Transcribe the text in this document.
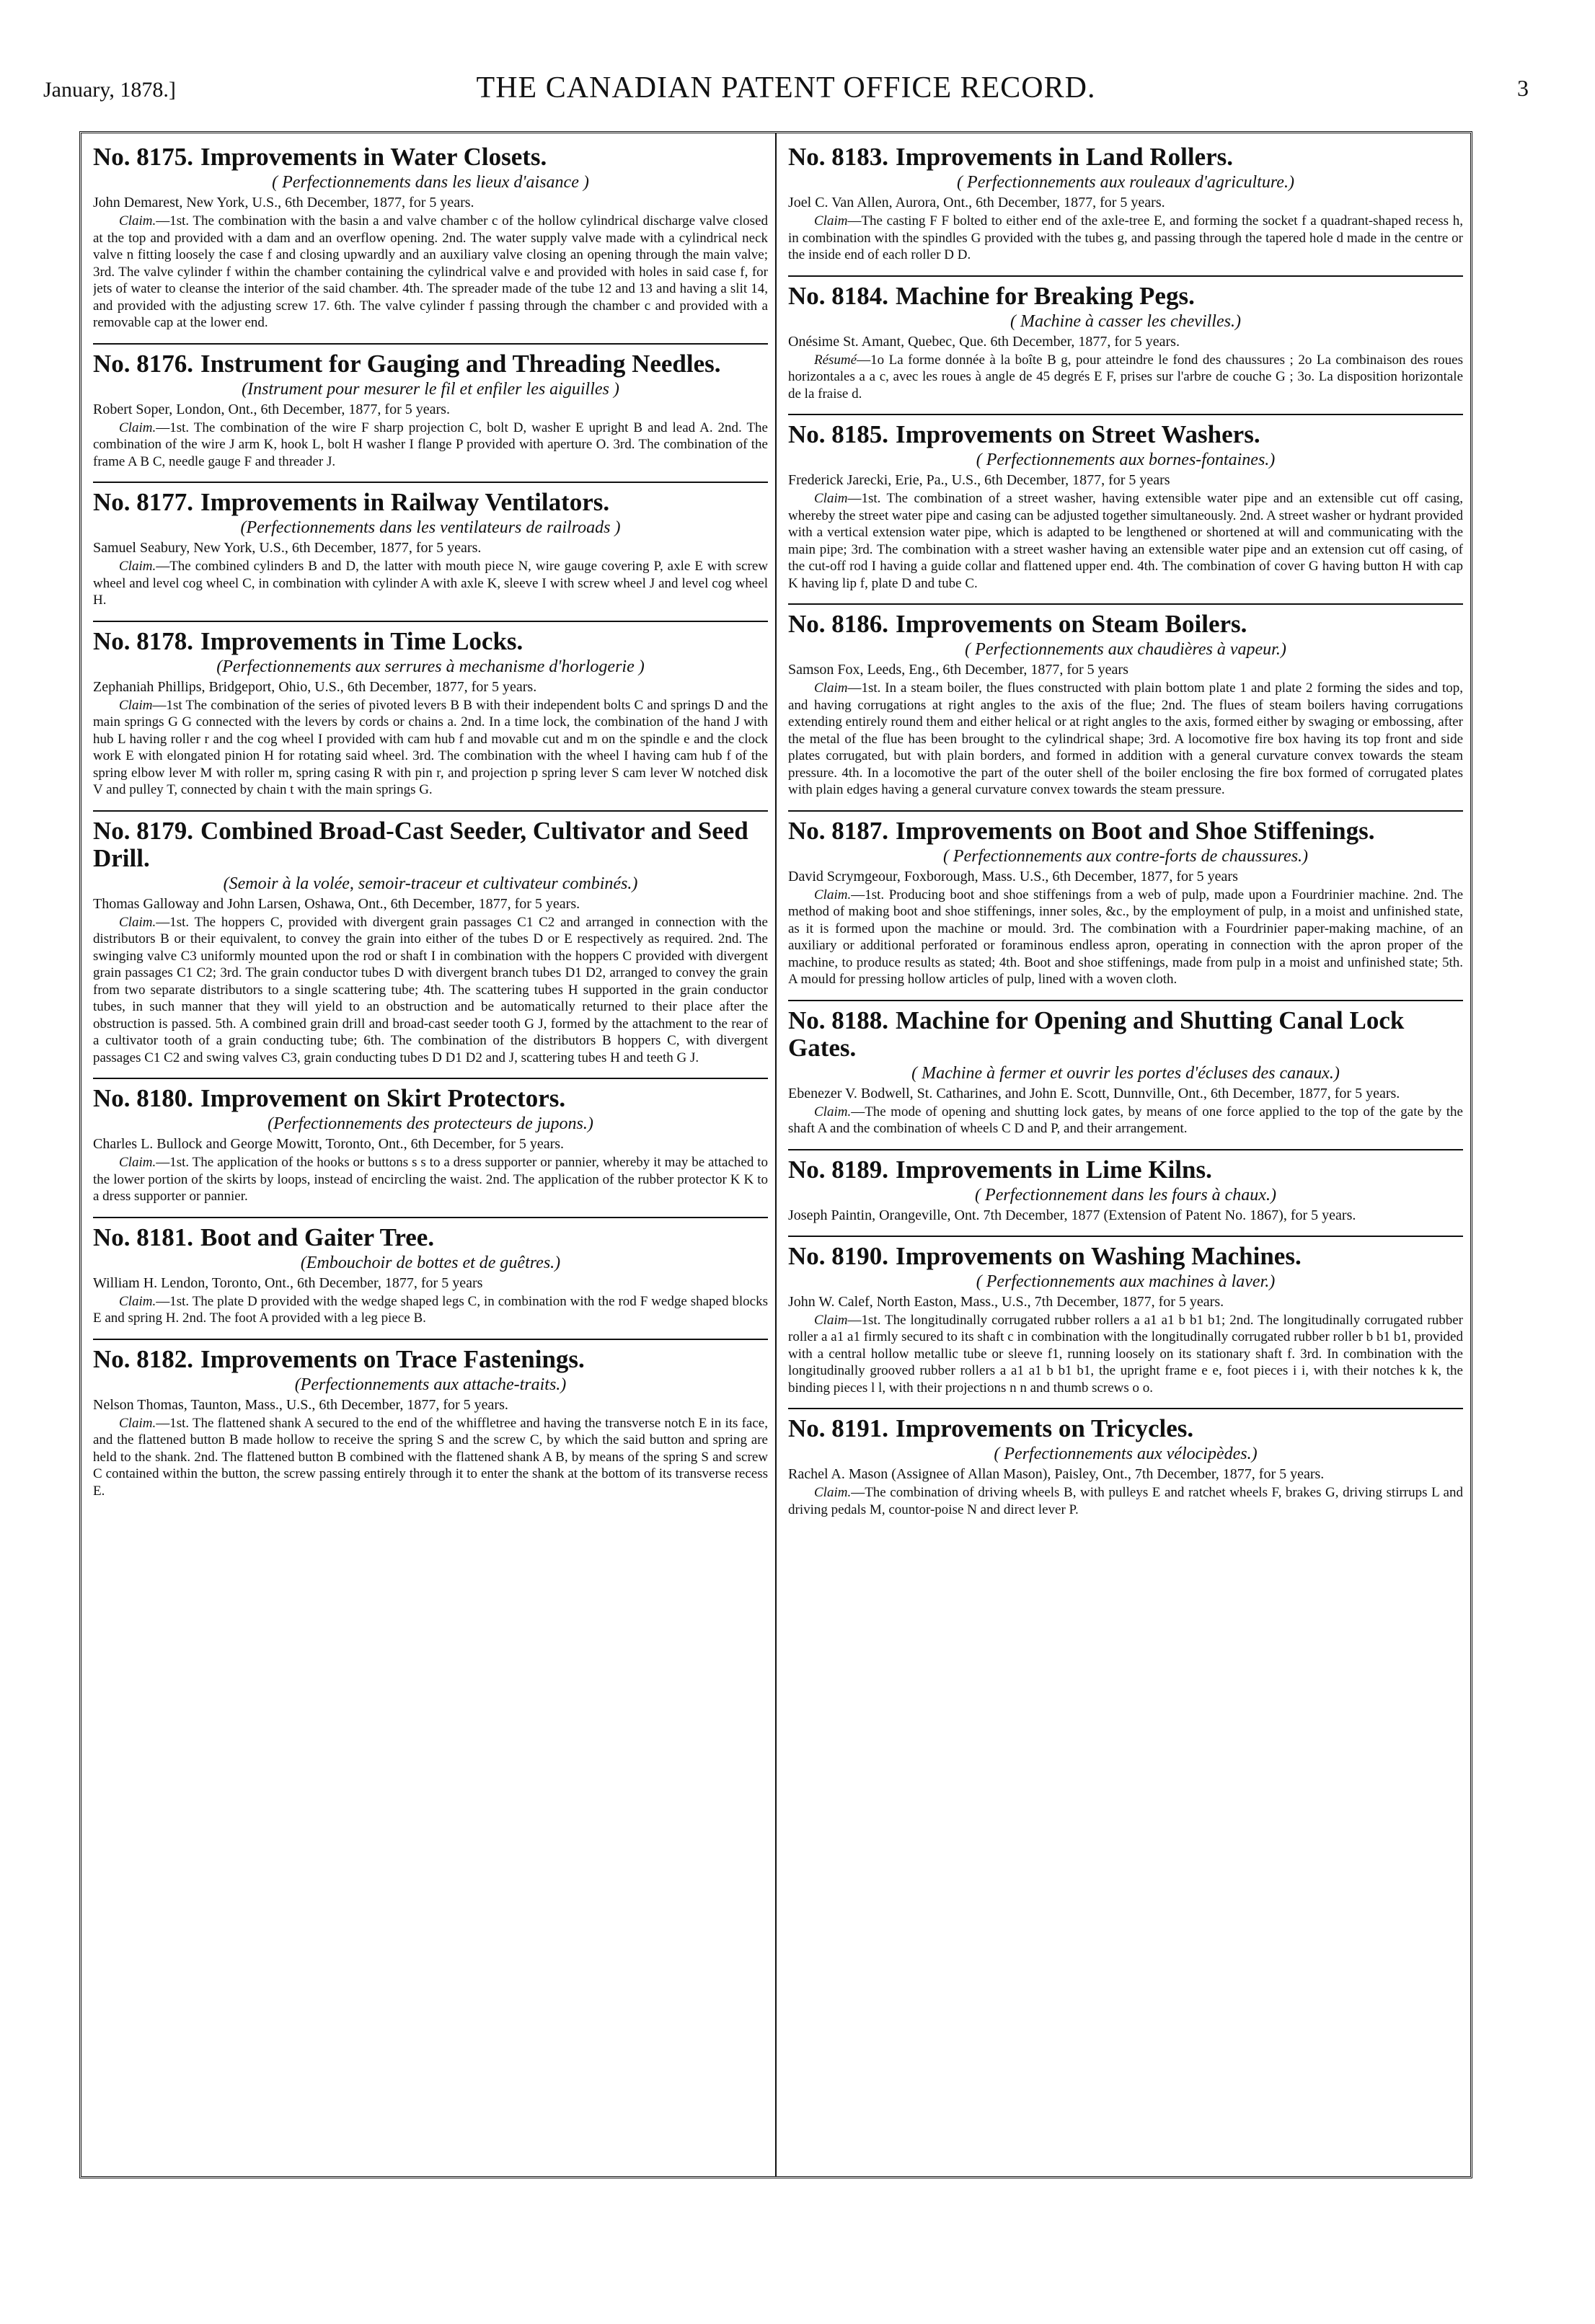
January, 1878.]	THE CANADIAN PATENT OFFICE RECORD.	3
No. 8175. Improvements in Water Closets.
( Perfectionnements dans les lieux d'aisance )
John Demarest, New York, U.S., 6th December, 1877, for 5 years.
Claim.—1st. The combination with the basin a and valve chamber c of the hollow cylindrical discharge valve closed at the top and provided with a dam and an overflow opening. 2nd. The water supply valve made with a cylindrical neck valve n fitting loosely the case f and closing upwardly and an auxiliary valve closing an opening through the main valve; 3rd. The valve cylinder f within the chamber containing the cylindrical valve e and provided with holes in said case f, for jets of water to cleanse the interior of the said chamber. 4th. The spreader made of the tube 12 and 13 and having a slit 14, and provided with the adjusting screw 17. 6th. The valve cylinder f passing through the chamber c and provided with a removable cap at the lower end.
No. 8176. Instrument for Gauging and Threading Needles.
(Instrument pour mesurer le fil et enfiler les aiguilles )
Robert Soper, London, Ont., 6th December, 1877, for 5 years.
Claim.—1st. The combination of the wire F sharp projection C, bolt D, washer E upright B and lead A. 2nd. The combination of the wire J arm K, hook L, bolt H washer I flange P provided with aperture O. 3rd. The combination of the frame A B C, needle gauge F and threader J.
No. 8177. Improvements in Railway Ventilators.
(Perfectionnements dans les ventilateurs de railroads )
Samuel Seabury, New York, U.S., 6th December, 1877, for 5 years.
Claim.—The combined cylinders B and D, the latter with mouth piece N, wire gauge covering P, axle E with screw wheel and level cog wheel C, in combination with cylinder A with axle K, sleeve I with screw wheel J and level cog wheel H.
No. 8178. Improvements in Time Locks.
(Perfectionnements aux serrures à mechanisme d'horlogerie )
Zephaniah Phillips, Bridgeport, Ohio, U.S., 6th December, 1877, for 5 years.
Claim—1st The combination of the series of pivoted levers B B with their independent bolts C and springs D and the main springs G G connected with the levers by cords or chains a. 2nd. In a time lock, the combination of the hand J with hub L having roller r and the cog wheel I provided with cam hub f and movable cut and m on the spindle e and the clock work E with elongated pinion H for rotating said wheel. 3rd. The combination with the wheel I having cam hub f of the spring elbow lever M with roller m, spring casing R with pin r, and projection p spring lever S cam lever W notched disk V and pulley T, connected by chain t with the main springs G.
No. 8179. Combined Broad-Cast Seeder, Cultivator and Seed Drill.
(Semoir à la volée, semoir-traceur et cultivateur combinés.)
Thomas Galloway and John Larsen, Oshawa, Ont., 6th December, 1877, for 5 years.
Claim.—1st. The hoppers C, provided with divergent grain passages C1 C2 and arranged in connection with the distributors B or their equivalent, to convey the grain into either of the tubes D or E respectively as required. 2nd. The swinging valve C3 uniformly mounted upon the rod or shaft I in combination with the hoppers C provided with divergent grain passages C1 C2; 3rd. The grain conductor tubes D with divergent branch tubes D1 D2, arranged to convey the grain from two separate distributors to a single scattering tube; 4th. The scattering tubes H supported in the grain conductor tubes, in such manner that they will yield to an obstruction and be automatically returned to their place after the obstruction is passed. 5th. A combined grain drill and broad-cast seeder tooth G J, formed by the attachment to the rear of a cultivator tooth of a grain conducting tube; 6th. The combination of the distributors B hoppers C, with divergent passages C1 C2 and swing valves C3, grain conducting tubes D D1 D2 and J, scattering tubes H and teeth G J.
No. 8180. Improvement on Skirt Protectors.
(Perfectionnements des protecteurs de jupons.)
Charles L. Bullock and George Mowitt, Toronto, Ont., 6th December, for 5 years.
Claim.—1st. The application of the hooks or buttons s s to a dress supporter or pannier, whereby it may be attached to the lower portion of the skirts by loops, instead of encircling the waist. 2nd. The application of the rubber protector K K to a dress supporter or pannier.
No. 8181. Boot and Gaiter Tree.
(Embouchoir de bottes et de guêtres.)
William H. Lendon, Toronto, Ont., 6th December, 1877, for 5 years
Claim.—1st. The plate D provided with the wedge shaped legs C, in combination with the rod F wedge shaped blocks E and spring H. 2nd. The foot A provided with a leg piece B.
No. 8182. Improvements on Trace Fastenings.
(Perfectionnements aux attache-traits.)
Nelson Thomas, Taunton, Mass., U.S., 6th December, 1877, for 5 years.
Claim.—1st. The flattened shank A secured to the end of the whiffletree and having the transverse notch E in its face, and the flattened button B made hollow to receive the spring S and the screw C, by which the said button and spring are held to the shank. 2nd. The flattened button B combined with the flattened shank A B, by means of the spring S and screw C contained within the button, the screw passing entirely through it to enter the shank at the bottom of its transverse recess E.
No. 8183. Improvements in Land Rollers.
( Perfectionnements aux rouleaux d'agriculture.)
Joel C. Van Allen, Aurora, Ont., 6th December, 1877, for 5 years.
Claim—The casting F F bolted to either end of the axle-tree E, and forming the socket f a quadrant-shaped recess h, in combination with the spindles G provided with the tubes g, and passing through the tapered hole d made in the centre or the inside end of each roller D D.
No. 8184. Machine for Breaking Pegs.
( Machine à casser les chevilles.)
Onésime St. Amant, Quebec, Que. 6th December, 1877, for 5 years.
Résumé—1o La forme donnée à la boîte B g, pour atteindre le fond des chaussures ; 2o La combinaison des roues horizontales a a c, avec les roues à angle de 45 degrés E F, prises sur l'arbre de couche G ; 3o. La disposition horizontale de la fraise d.
No. 8185. Improvements on Street Washers.
( Perfectionnements aux bornes-fontaines.)
Frederick Jarecki, Erie, Pa., U.S., 6th December, 1877, for 5 years
Claim—1st. The combination of a street washer, having extensible water pipe and an extensible cut off casing, whereby the street water pipe and casing can be adjusted together simultaneously. 2nd. A street washer or hydrant provided with a vertical extension water pipe, which is adapted to be lengthened or shortened at will and communicating with the main pipe; 3rd. The combination with a street washer having an extensible water pipe and an extension cut off casing, of the cut-off rod I having a guide collar and flattened upper end. 4th. The combination of cover G having button H with cap K having lip f, plate D and tube C.
No. 8186. Improvements on Steam Boilers.
( Perfectionnements aux chaudières à vapeur.)
Samson Fox, Leeds, Eng., 6th December, 1877, for 5 years
Claim—1st. In a steam boiler, the flues constructed with plain bottom plate 1 and plate 2 forming the sides and top, and having corrugations at right angles to the axis of the flue; 2nd. The flues of steam boilers having corrugations extending entirely round them and either helical or at right angles to the axis, formed either by swaging or embossing, after the metal of the flue has been brought to the cylindrical shape; 3rd. A locomotive fire box having its top front and side plates corrugated, but with plain borders, and formed in addition with a general curvature convex towards the steam pressure. 4th. In a locomotive the part of the outer shell of the boiler enclosing the fire box formed of corrugated plates with plain edges having a general curvature convex towards the steam pressure.
No. 8187. Improvements on Boot and Shoe Stiffenings.
( Perfectionnements aux contre-forts de chaussures.)
David Scrymgeour, Foxborough, Mass. U.S., 6th December, 1877, for 5 years
Claim.—1st. Producing boot and shoe stiffenings from a web of pulp, made upon a Fourdrinier machine. 2nd. The method of making boot and shoe stiffenings, inner soles, &c., by the employment of pulp, in a moist and unfinished state, as it is formed upon the machine or mould. 3rd. The combination with a Fourdrinier paper-making machine, of an auxiliary or additional perforated or foraminous endless apron, operating in connection with the apron proper of the machine, to produce results as stated; 4th. Boot and shoe stiffenings, made from pulp in a moist and unfinished state; 5th. A mould for pressing hollow articles of pulp, lined with a woven cloth.
No. 8188. Machine for Opening and Shutting Canal Lock Gates.
( Machine à fermer et ouvrir les portes d'écluses des canaux.)
Ebenezer V. Bodwell, St. Catharines, and John E. Scott, Dunnville, Ont., 6th December, 1877, for 5 years.
Claim.—The mode of opening and shutting lock gates, by means of one force applied to the top of the gate by the shaft A and the combination of wheels C D and P, and their arrangement.
No. 8189. Improvements in Lime Kilns.
( Perfectionnement dans les fours à chaux.)
Joseph Paintin, Orangeville, Ont. 7th December, 1877 (Extension of Patent No. 1867), for 5 years.
No. 8190. Improvements on Washing Machines.
( Perfectionnements aux machines à laver.)
John W. Calef, North Easton, Mass., U.S., 7th December, 1877, for 5 years.
Claim—1st. The longitudinally corrugated rubber rollers a a1 a1 b b1 b1; 2nd. The longitudinally corrugated rubber roller a a1 a1 firmly secured to its shaft c in combination with the longitudinally corrugated rubber roller b b1 b1, provided with a central hollow metallic tube or sleeve f1, running loosely on its stationary shaft f. 3rd. In combination with the longitudinally grooved rubber rollers a a1 a1 b b1 b1, the upright frame e e, foot pieces i i, with their notches k k, the binding pieces l l, with their projections n n and thumb screws o o.
No. 8191. Improvements on Tricycles.
( Perfectionnements aux vélocipèdes.)
Rachel A. Mason (Assignee of Allan Mason), Paisley, Ont., 7th December, 1877, for 5 years.
Claim.—The combination of driving wheels B, with pulleys E and ratchet wheels F, brakes G, driving stirrups L and driving pedals M, countor-poise N and direct lever P.
